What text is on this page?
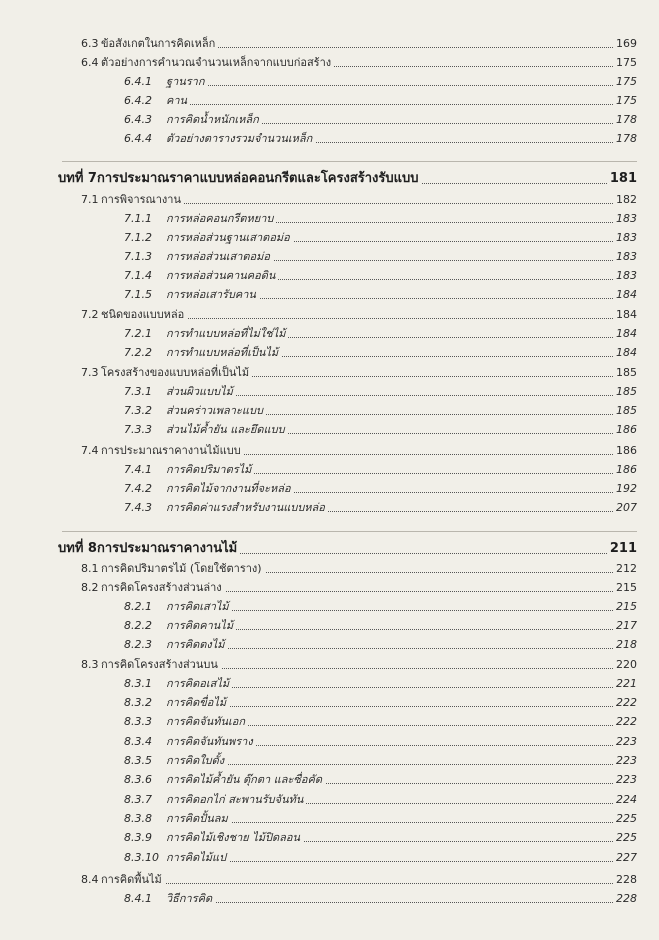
6.3 ข้อสังเกตในการคิดเหล็ก	169
6.4 ตัวอย่างการคำนวณจำนวนเหล็กจากแบบก่อสร้าง	175
6.4.1 ฐานราก	175
6.4.2 คาน	175
6.4.3 การคิดน้ำหนักเหล็ก	178
6.4.4 ตัวอย่างตารางรวมจำนวนเหล็ก	178
บทที่ 7 การประมาณราคาแบบหล่อคอนกรีตและโครงสร้างรับแบบ	181
7.1 การพิจารณางาน	182
7.1.1 การหล่อคอนกรีตหยาบ	183
7.1.2 การหล่อส่วนฐานเสาตอม่อ	183
7.1.3 การหล่อส่วนเสาตอม่อ	183
7.1.4 การหล่อส่วนคานคอดิน	183
7.1.5 การหล่อเสารับคาน	184
7.2 ชนิดของแบบหล่อ	184
7.2.1 การทำแบบหล่อที่ไม่ใช่ไม้	184
7.2.2 การทำแบบหล่อที่เป็นไม้	184
7.3 โครงสร้างของแบบหล่อที่เป็นไม้	185
7.3.1 ส่วนผิวแบบไม้	185
7.3.2 ส่วนคร่าวเพลาะแบบ	185
7.3.3 ส่วนไม้ค้ำยัน และยึดแบบ	186
7.4 การประมาณราคางานไม้แบบ	186
7.4.1 การคิดปริมาตรไม้	186
7.4.2 การคิดไม้จากงานที่จะหล่อ	192
7.4.3 การคิดค่าแรงสำหรับงานแบบหล่อ	207
บทที่ 8 การประมาณราคางานไม้	211
8.1 การคิดปริมาตรไม้ (โดยใช้ตาราง)	212
8.2 การคิดโครงสร้างส่วนล่าง	215
8.2.1 การคิดเสาไม้	215
8.2.2 การคิดคานไม้	217
8.2.3 การคิดตงไม้	218
8.3 การคิดโครงสร้างส่วนบน	220
8.3.1 การคิดอเสไม้	221
8.3.2 การคิดขื่อไม้	222
8.3.3 การคิดจันทันเอก	222
8.3.4 การคิดจันทันพราง	223
8.3.5 การคิดใบดั้ง	223
8.3.6 การคิดไม้ค้ำยัน ตุ๊กตา และซื่อคัด	223
8.3.7 การคิดอกไก่ สะพานรับจันทัน	224
8.3.8 การคิดปั้นลม	225
8.3.9 การคิดไม้เชิงชาย ไม้ปิดลอน	225
8.3.10 การคิดไม้แป	227
8.4 การคิดพื้นไม้	228
8.4.1 วิธีการคิด	228
